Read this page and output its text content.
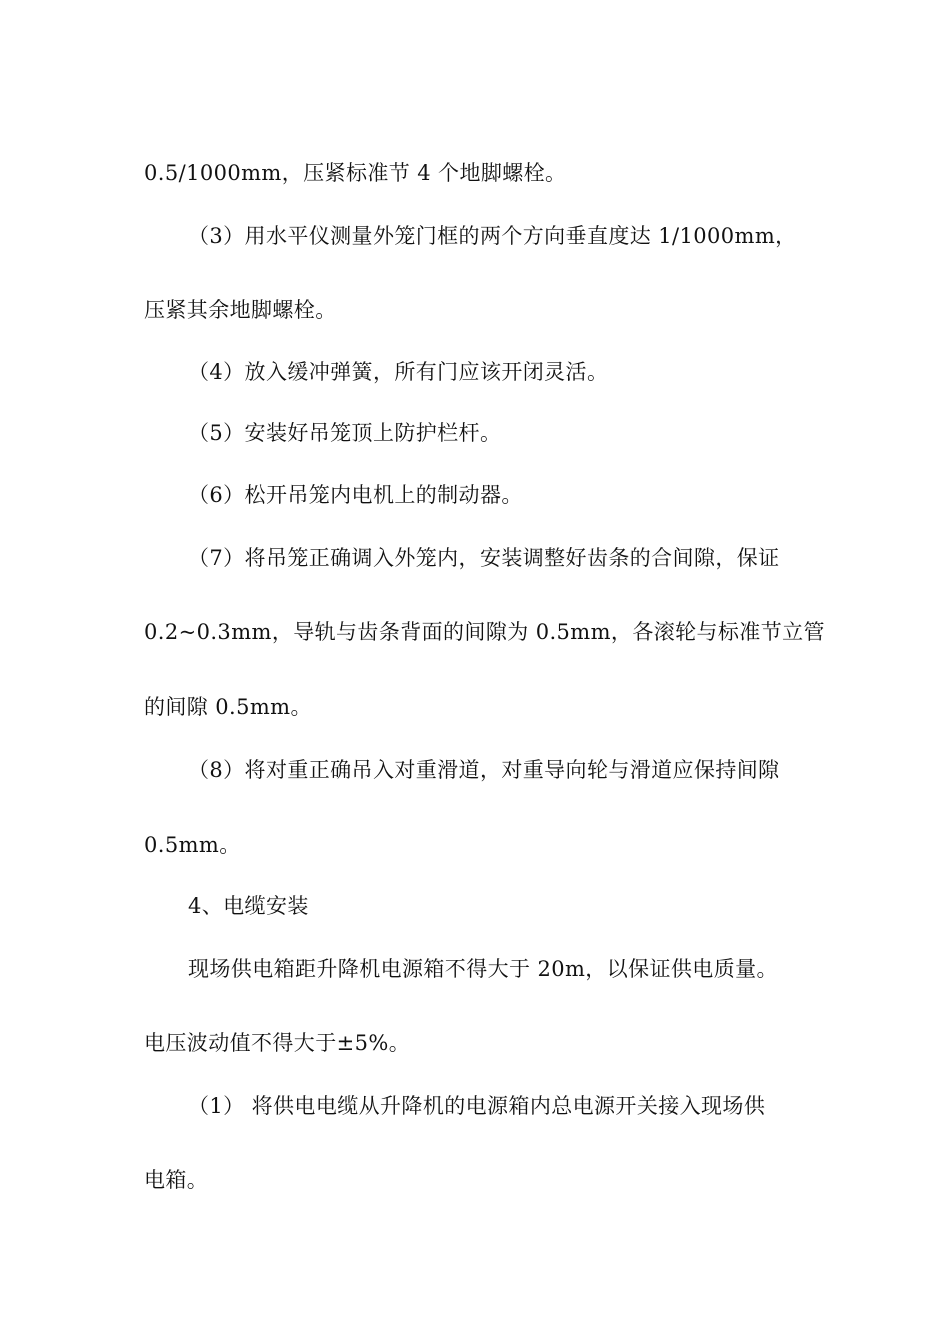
0.5/1000mm，压紧标准节 4 个地脚螺栓。

（3）用水平仪测量外笼门框的两个方向垂直度达 1/1000mm，

压紧其余地脚螺栓。

（4）放入缓冲弹簧，所有门应该开闭灵活。

（5）安装好吊笼顶上防护栏杆。

（6）松开吊笼内电机上的制动器。

（7）将吊笼正确调入外笼内，安装调整好齿条的合间隙，保证

0.2~0.3mm，导轨与齿条背面的间隙为 0.5mm，各滚轮与标准节立管

的间隙 0.5mm。

（8）将对重正确吊入对重滑道，对重导向轮与滑道应保持间隙

0.5mm。

4、电缆安装

现场供电箱距升降机电源箱不得大于 20m，以保证供电质量。

电压波动值不得大于±5%。

（1） 将供电电缆从升降机的电源箱内总电源开关接入现场供

电箱。
